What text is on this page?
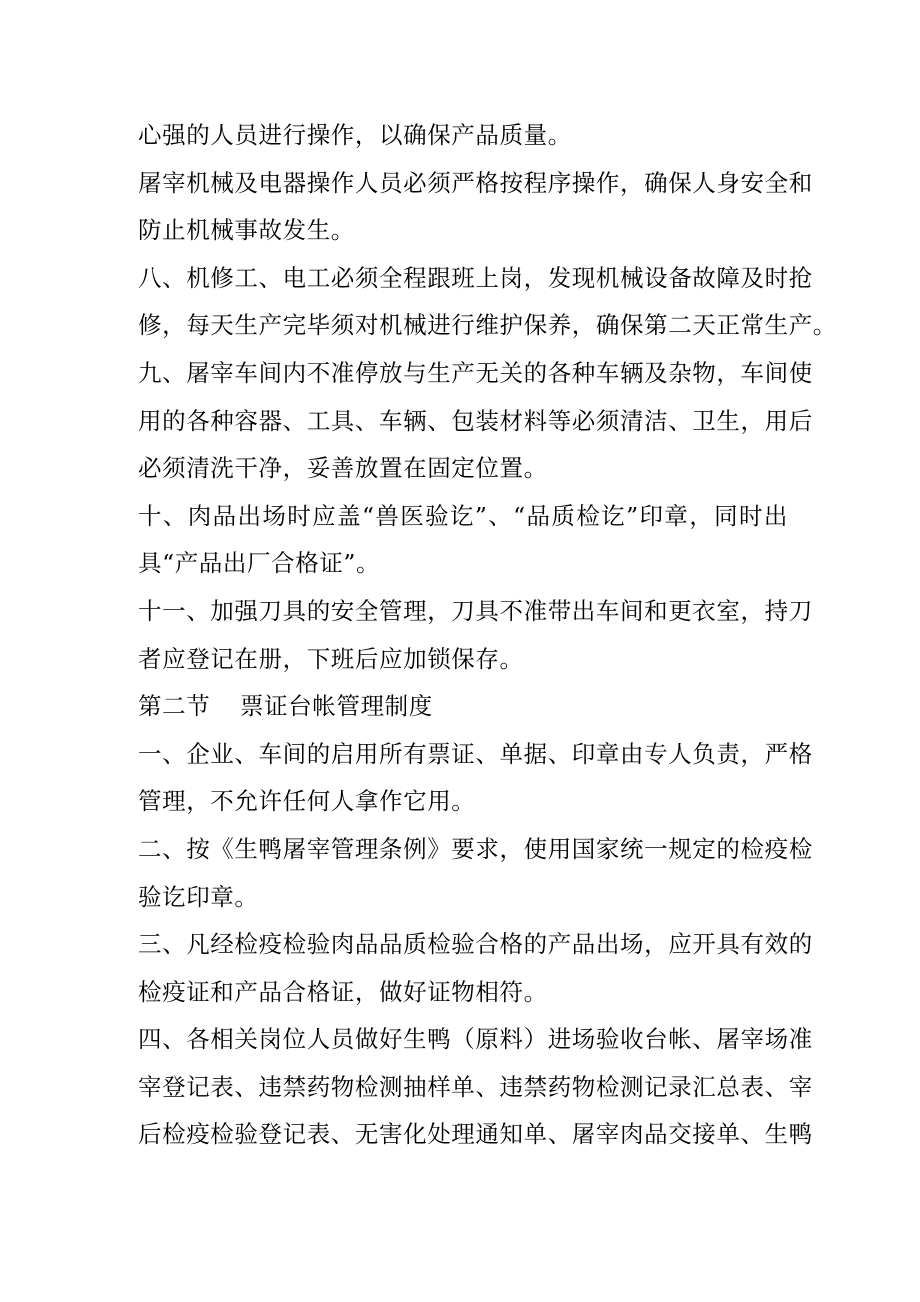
心强的人员进行操作，以确保产品质量。
屠宰机械及电器操作人员必须严格按程序操作，确保人身安全和
防止机械事故发生。
八、机修工、电工必须全程跟班上岗，发现机械设备故障及时抢
修，每天生产完毕须对机械进行维护保养，确保第二天正常生产。
九、屠宰车间内不准停放与生产无关的各种车辆及杂物，车间使
用的各种容器、工具、车辆、包装材料等必须清洁、卫生，用后
必须清洗干净，妥善放置在固定位置。
十、肉品出场时应盖“兽医验讫”、“品质检讫”印章，同时出
具“产品出厂合格证”。
十一、加强刀具的安全管理，刀具不准带出车间和更衣室，持刀
者应登记在册，下班后应加锁保存。
第二节	票证台帐管理制度
一、企业、车间的启用所有票证、单据、印章由专人负责，严格
管理，不允许任何人拿作它用。
二、按《生鸭屠宰管理条例》要求，使用国家统一规定的检疫检
验讫印章。
三、凡经检疫检验肉品品质检验合格的产品出场，应开具有效的
检疫证和产品合格证，做好证物相符。
四、各相关岗位人员做好生鸭（原料）进场验收台帐、屠宰场准
宰登记表、违禁药物检测抽样单、违禁药物检测记录汇总表、宰
后检疫检验登记表、无害化处理通知单、屠宰肉品交接单、生鸭
